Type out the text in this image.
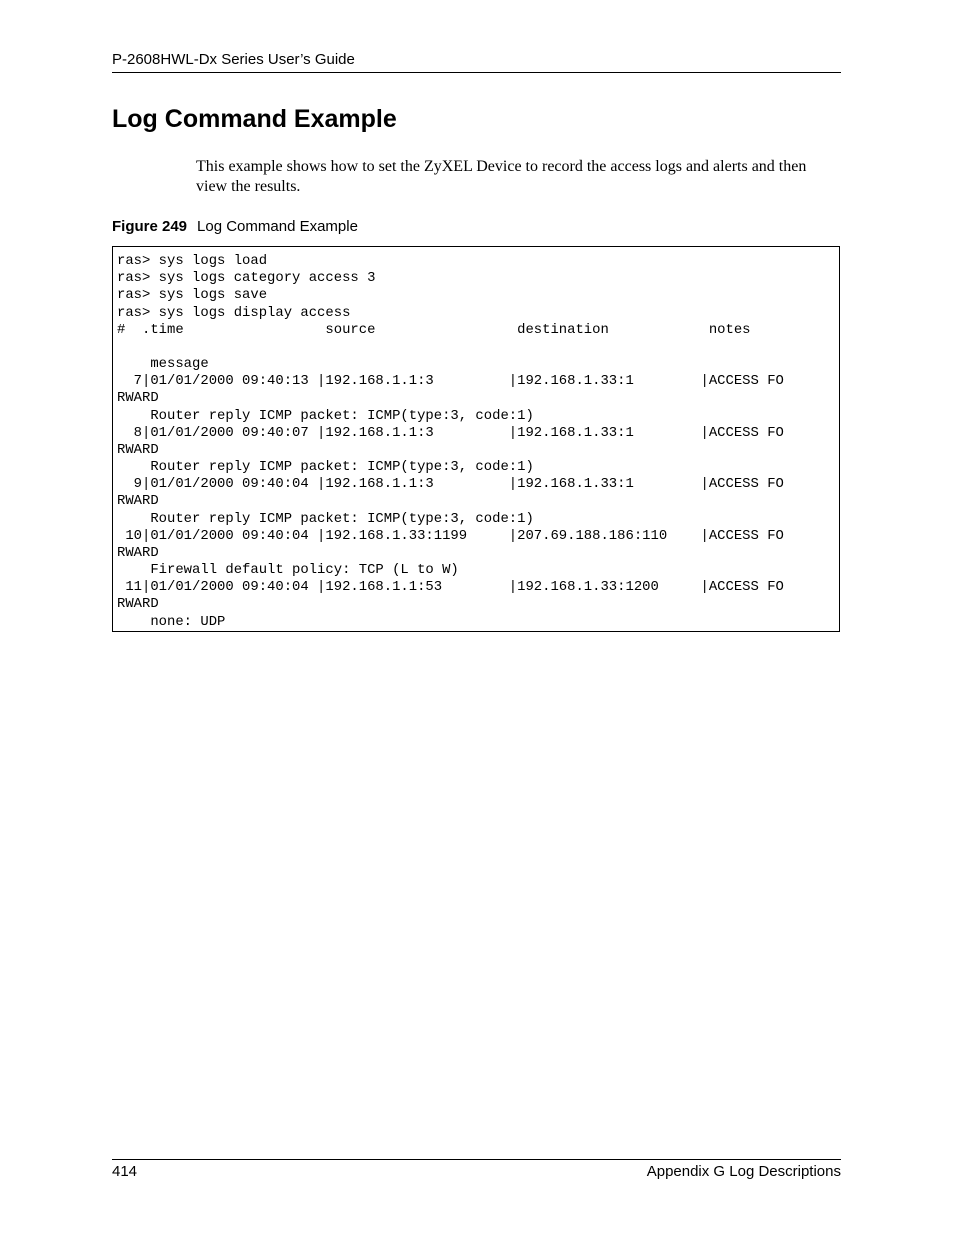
P-2608HWL-Dx Series User’s Guide
Log Command Example

This example shows how to set the ZyXEL Device to record the access logs and alerts and then view the results.

Figure 249 Log Command Example
ras> sys logs load
ras> sys logs category access 3
ras> sys logs save
ras> sys logs display access
#  .time                 source                 destination            notes
message
7|01/01/2000 09:40:13 |192.168.1.1:3         |192.168.1.33:1        |ACCESS FO
RWARD
Router reply ICMP packet: ICMP(type:3, code:1)
8|01/01/2000 09:40:07 |192.168.1.1:3         |192.168.1.33:1        |ACCESS FO
RWARD
Router reply ICMP packet: ICMP(type:3, code:1)
9|01/01/2000 09:40:04 |192.168.1.1:3         |192.168.1.33:1        |ACCESS FO
RWARD
Router reply ICMP packet: ICMP(type:3, code:1)
10|01/01/2000 09:40:04 |192.168.1.33:1199     |207.69.188.186:110    |ACCESS FO
RWARD
Firewall default policy: TCP (L to W)
11|01/01/2000 09:40:04 |192.168.1.1:53        |192.168.1.33:1200     |ACCESS FO
RWARD
none: UDP
414	Appendix G Log Descriptions
